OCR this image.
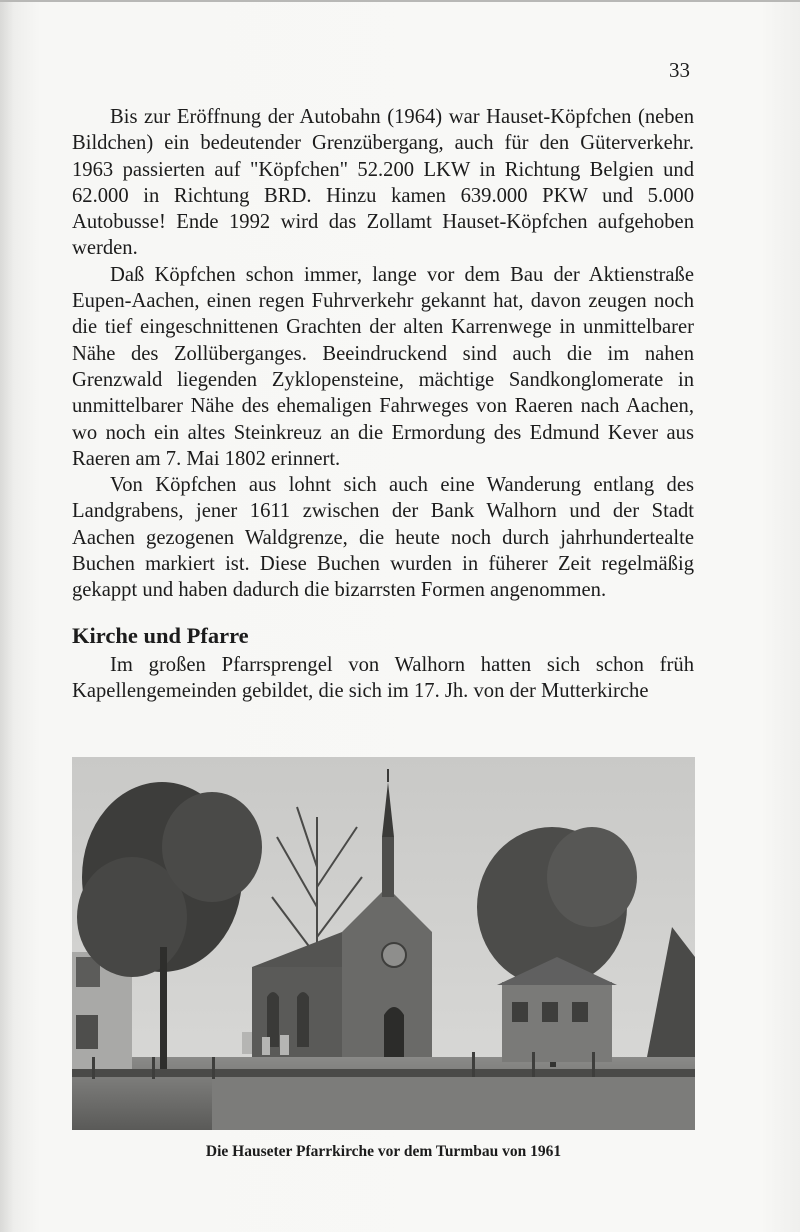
33

Bis zur Eröffnung der Autobahn (1964) war Hauset-Köpfchen (neben Bildchen) ein bedeutender Grenzübergang, auch für den Güterverkehr. 1963 passierten auf "Köpfchen" 52.200 LKW in Richtung Belgien und 62.000 in Richtung BRD. Hinzu kamen 639.000 PKW und 5.000 Autobusse! Ende 1992 wird das Zollamt Hauset-Köpfchen aufgehoben werden.

Daß Köpfchen schon immer, lange vor dem Bau der Aktienstraße Eupen-Aachen, einen regen Fuhrverkehr gekannt hat, davon zeugen noch die tief eingeschnittenen Grachten der alten Karrenwege in unmittelbarer Nähe des Zollüberganges. Beeindruckend sind auch die im nahen Grenzwald liegenden Zyklopensteine, mächtige Sandkonglomerate in unmittelbarer Nähe des ehemaligen Fahrweges von Raeren nach Aachen, wo noch ein altes Steinkreuz an die Ermordung des Edmund Kever aus Raeren am 7. Mai 1802 erinnert.

Von Köpfchen aus lohnt sich auch eine Wanderung entlang des Landgrabens, jener 1611 zwischen der Bank Walhorn und der Stadt Aachen gezogenen Waldgrenze, die heute noch durch jahrhundertealte Buchen markiert ist. Diese Buchen wurden in füherer Zeit regelmäßig gekappt und haben dadurch die bizarrsten Formen angenommen.

Kirche und Pfarre

Im großen Pfarrsprengel von Walhorn hatten sich schon früh Kapellengemeinden gebildet, die sich im 17. Jh. von der Mutterkirche

Die Hauseter Pfarrkirche vor dem Turmbau von 1961
